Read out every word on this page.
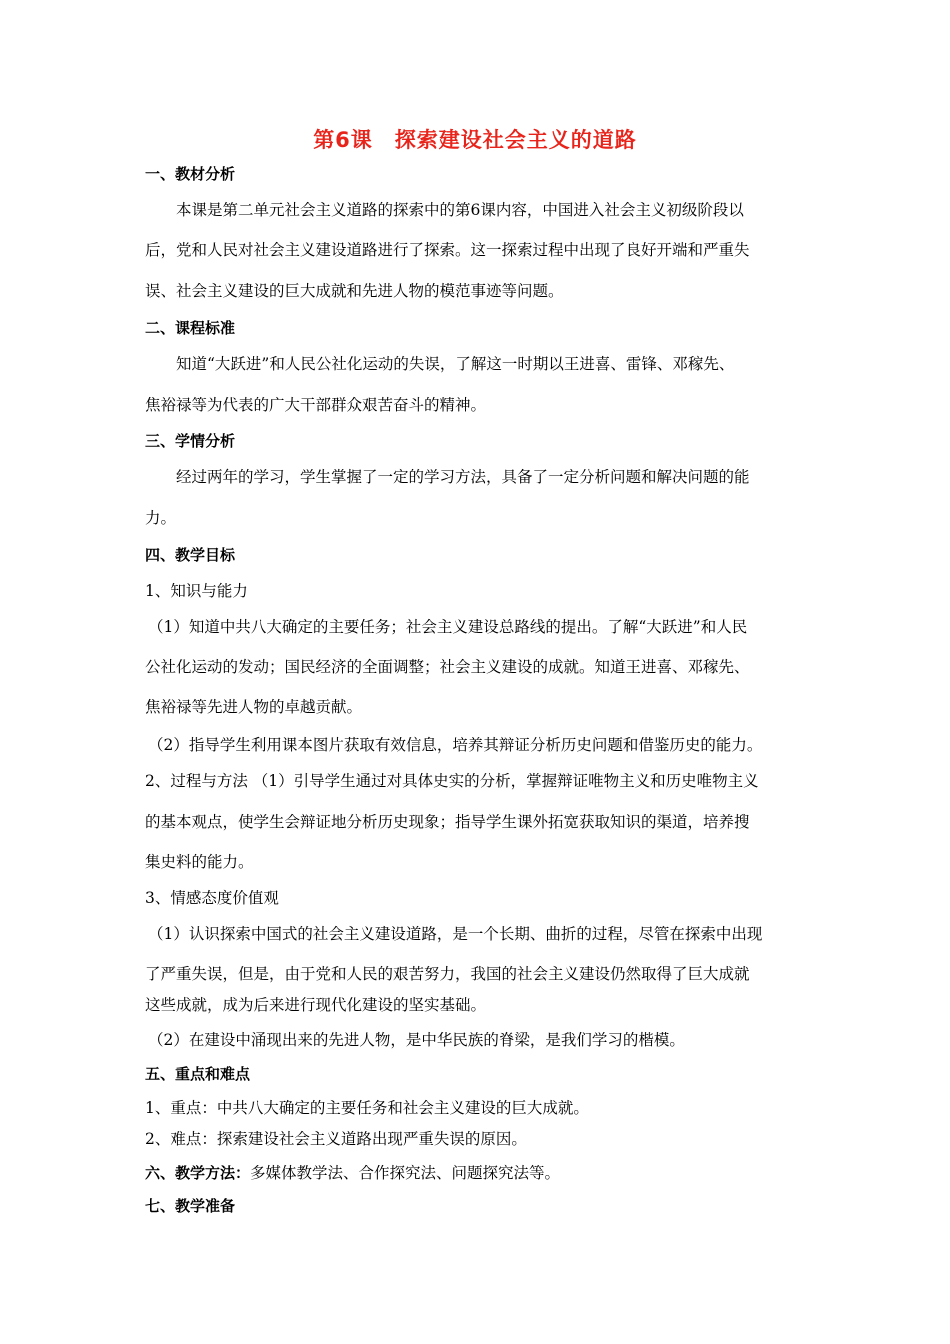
第6课　探索建设社会主义的道路
一、教材分析
本课是第二单元社会主义道路的探索中的第6课内容，中国进入社会主义初级阶段以
后，党和人民对社会主义建设道路进行了探索。这一探索过程中出现了良好开端和严重失
误、社会主义建设的巨大成就和先进人物的模范事迹等问题。
二、课程标准
知道“大跃进”和人民公社化运动的失误，了解这一时期以王进喜、雷锋、邓稼先、
焦裕禄等为代表的广大干部群众艰苦奋斗的精神。
三、学情分析
经过两年的学习，学生掌握了一定的学习方法，具备了一定分析问题和解决问题的能
力。
四、教学目标
1、知识与能力
（1）知道中共八大确定的主要任务；社会主义建设总路线的提出。了解“大跃进”和人民
公社化运动的发动；国民经济的全面调整；社会主义建设的成就。知道王进喜、邓稼先、
焦裕禄等先进人物的卓越贡献。
（2）指导学生利用课本图片获取有效信息，培养其辩证分析历史问题和借鉴历史的能力。
2、过程与方法 （1）引导学生通过对具体史实的分析，掌握辩证唯物主义和历史唯物主义
的基本观点，使学生会辩证地分析历史现象；指导学生课外拓宽获取知识的渠道，培养搜
集史料的能力。
3、情感态度价值观
（1）认识探索中国式的社会主义建设道路，是一个长期、曲折的过程，尽管在探索中出现
了严重失误，但是，由于党和人民的艰苦努力，我国的社会主义建设仍然取得了巨大成就
这些成就，成为后来进行现代化建设的坚实基础。
（2）在建设中涌现出来的先进人物，是中华民族的脊梁，是我们学习的楷模。
五、重点和难点
1、重点：中共八大确定的主要任务和社会主义建设的巨大成就。
2、难点：探索建设社会主义道路出现严重失误的原因。
六、教学方法：多媒体教学法、合作探究法、问题探究法等。
七、教学准备
